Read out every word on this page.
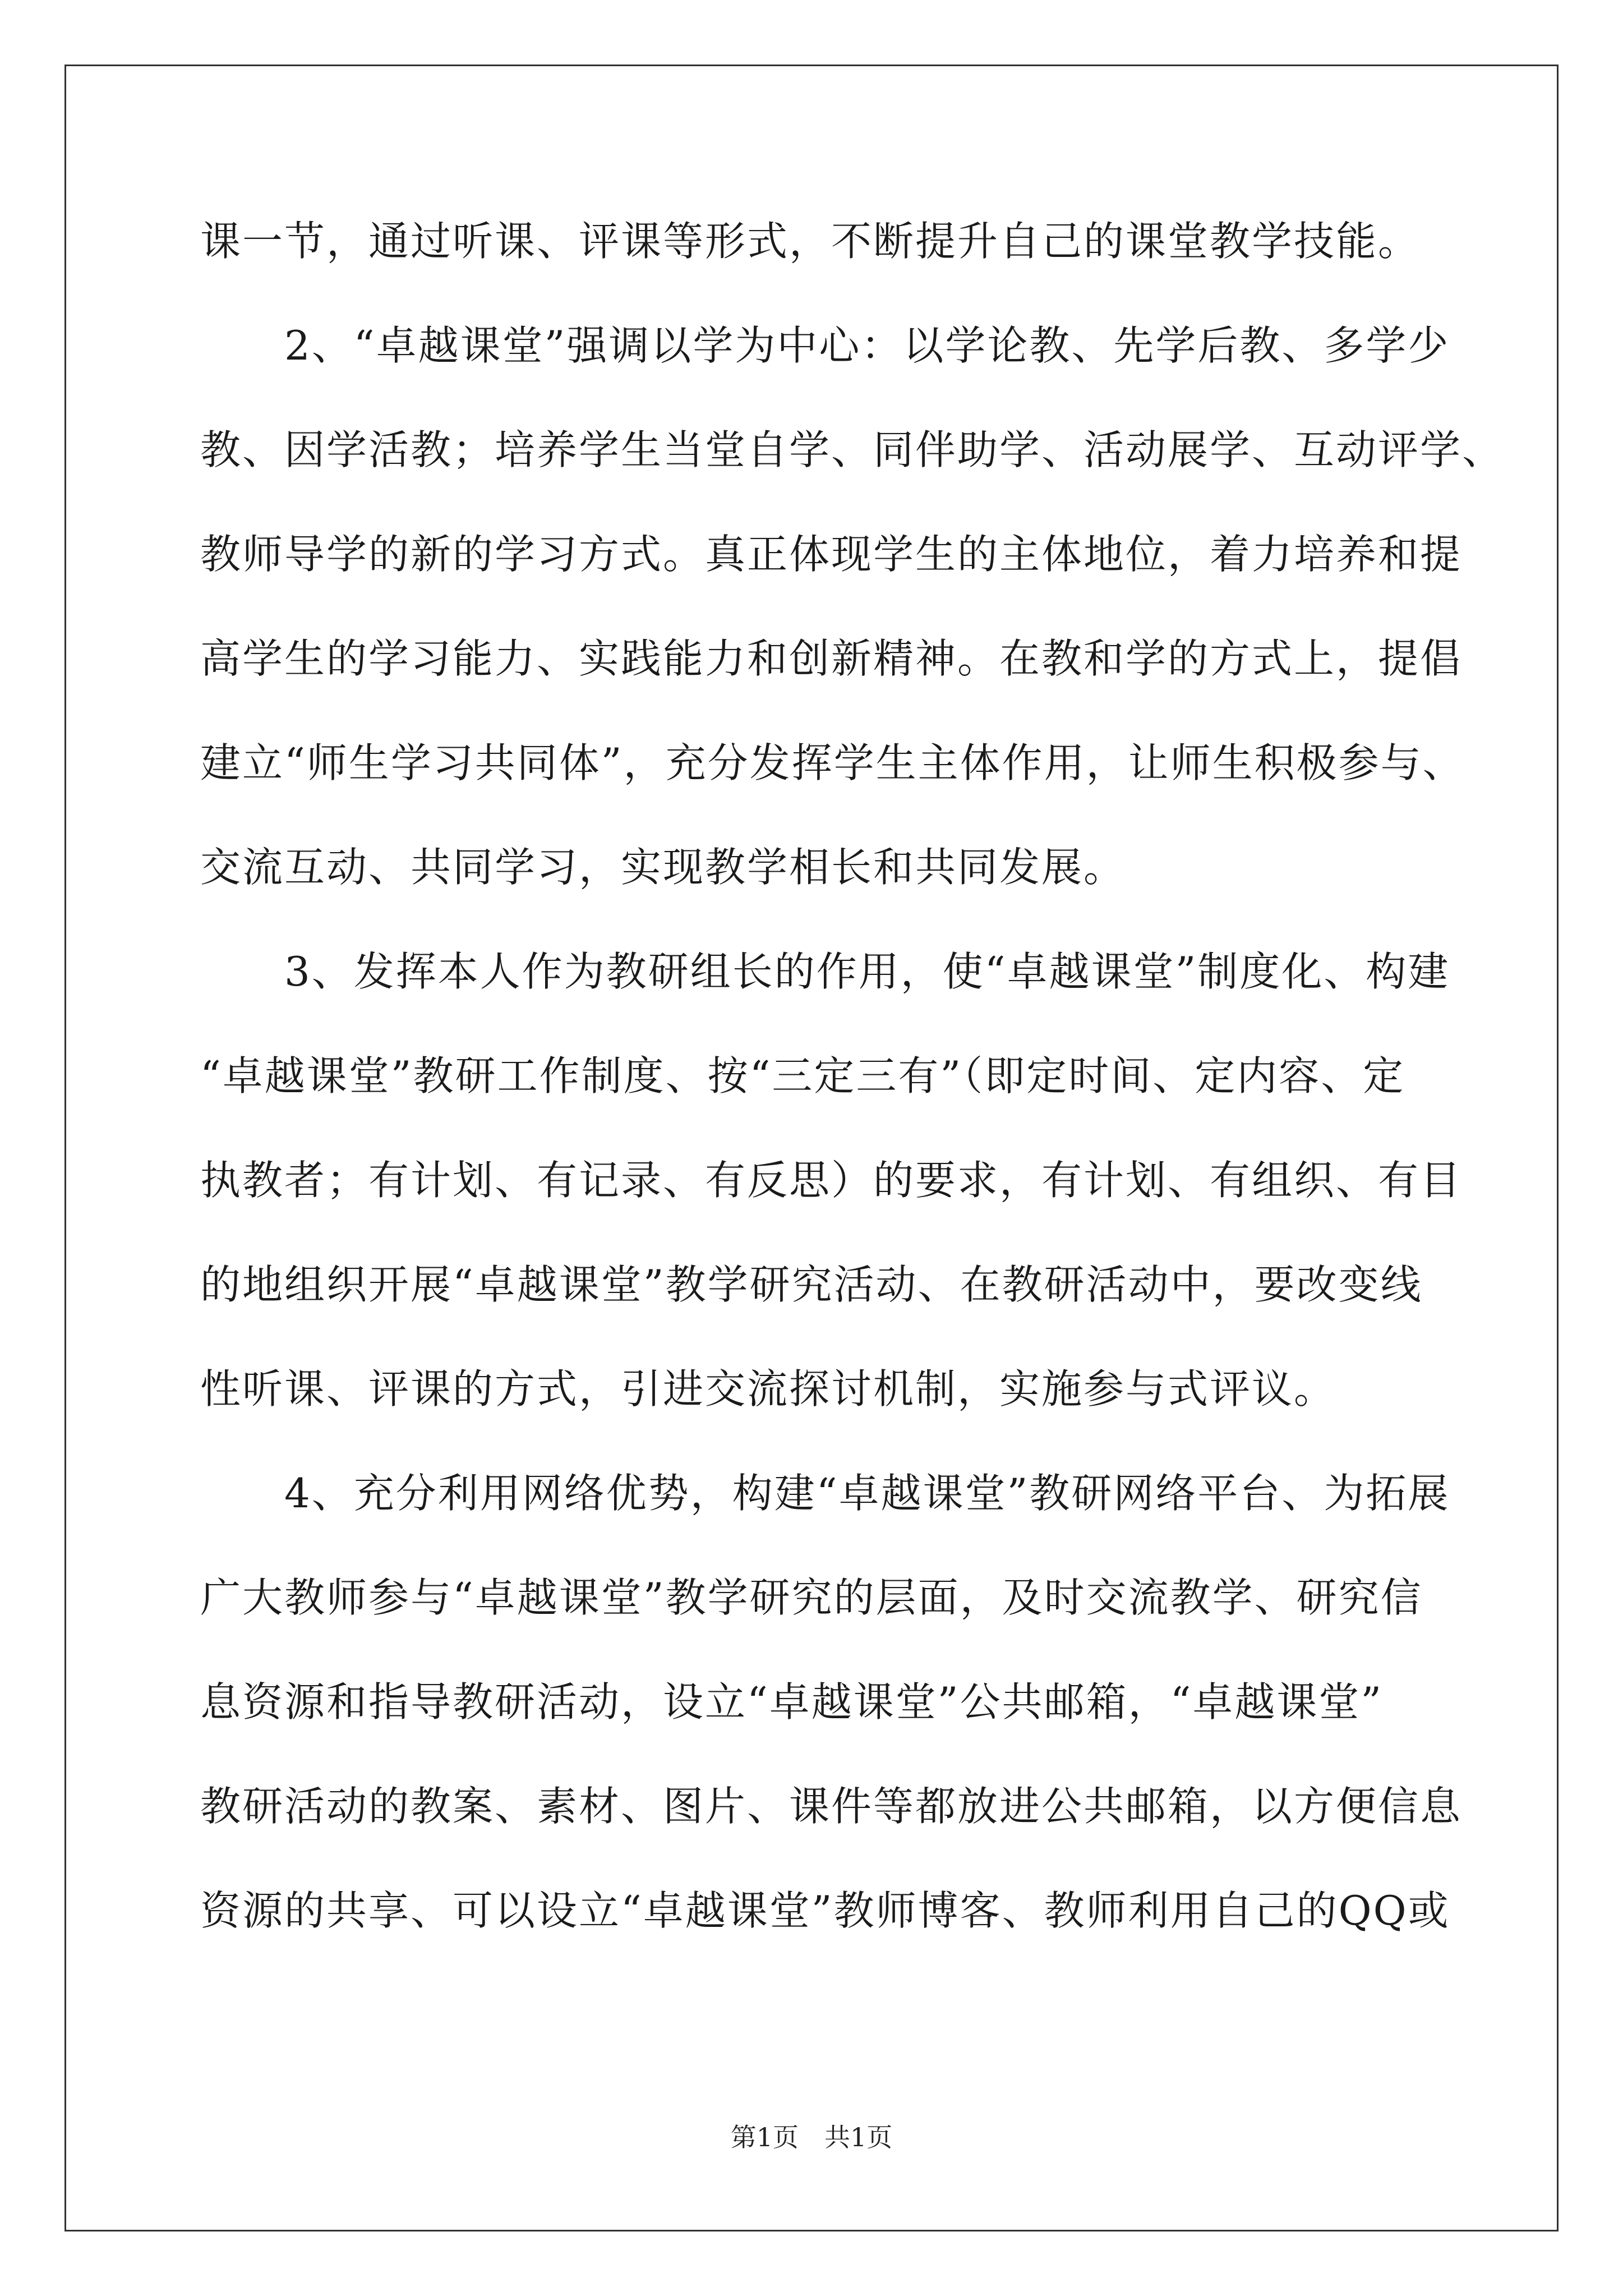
课一节，通过听课、评课等形式，不断提升自己的课堂教学技能。
　　2、“卓越课堂”强调以学为中心：以学论教、先学后教、多学少
教、因学活教；培养学生当堂自学、同伴助学、活动展学、互动评学、
教师导学的新的学习方式。真正体现学生的主体地位，着力培养和提
高学生的学习能力、实践能力和创新精神。在教和学的方式上，提倡
建立“师生学习共同体”，充分发挥学生主体作用，让师生积极参与、
交流互动、共同学习，实现教学相长和共同发展。
　　3、发挥本人作为教研组长的作用，使“卓越课堂”制度化、构建
“卓越课堂”教研工作制度、按“三定三有”（即定时间、定内容、定
执教者；有计划、有记录、有反思）的要求，有计划、有组织、有目
的地组织开展“卓越课堂”教学研究活动、在教研活动中，要改变线
性听课、评课的方式，引进交流探讨机制，实施参与式评议。
　　4、充分利用网络优势，构建“卓越课堂”教研网络平台、为拓展
广大教师参与“卓越课堂”教学研究的层面，及时交流教学、研究信
息资源和指导教研活动，设立“卓越课堂”公共邮箱，“卓越课堂”
教研活动的教案、素材、图片、课件等都放进公共邮箱，以方便信息
资源的共享、可以设立“卓越课堂”教师博客、教师利用自己的QQ或
第1页　共1页
